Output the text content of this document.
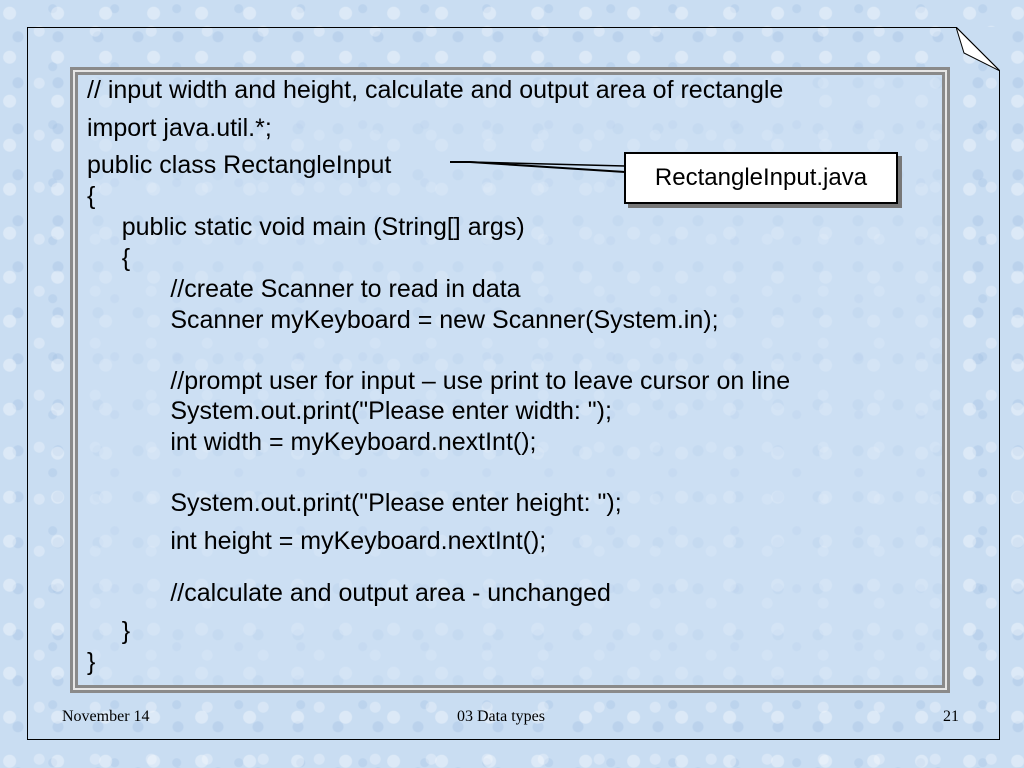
// input width and height, calculate and output area of rectangle
import java.util.*;
public class RectangleInput
{
public static void main (String[] args)
{
//create Scanner to read in data
Scanner myKeyboard = new Scanner(System.in);
//prompt user for input – use print to leave cursor on line
System.out.print("Please enter width: ");
int width = myKeyboard.nextInt();
System.out.print("Please enter height: ");
int height = myKeyboard.nextInt();
//calculate and output area - unchanged
}
}
RectangleInput.java
November 14	03 Data types	21
